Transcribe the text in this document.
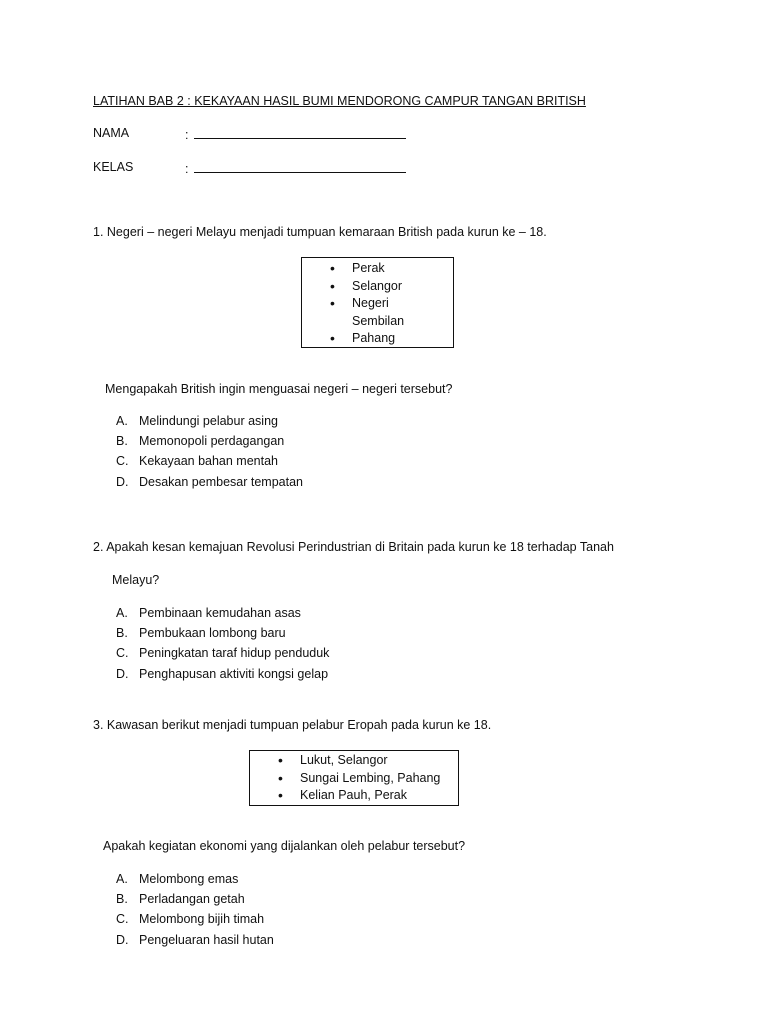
LATIHAN BAB 2 : KEKAYAAN HASIL BUMI MENDORONG CAMPUR TANGAN BRITISH
NAMA	:
KELAS	:
1. Negeri – negeri Melayu menjadi tumpuan kemaraan British pada kurun ke – 18.
• Perak
• Selangor
• Negeri Sembilan
• Pahang
Mengapakah British ingin menguasai negeri – negeri tersebut?
A. Melindungi pelabur asing
B. Memonopoli perdagangan
C. Kekayaan bahan mentah
D. Desakan pembesar tempatan
2. Apakah kesan kemajuan Revolusi Perindustrian di Britain pada kurun ke 18 terhadap Tanah
Melayu?
A. Pembinaan kemudahan asas
B. Pembukaan lombong baru
C. Peningkatan taraf hidup penduduk
D. Penghapusan aktiviti kongsi gelap
3. Kawasan berikut menjadi tumpuan pelabur Eropah pada kurun ke 18.
• Lukut, Selangor
• Sungai Lembing, Pahang
• Kelian Pauh, Perak
Apakah kegiatan ekonomi yang dijalankan oleh pelabur tersebut?
A. Melombong emas
B. Perladangan getah
C. Melombong bijih timah
D. Pengeluaran hasil hutan
